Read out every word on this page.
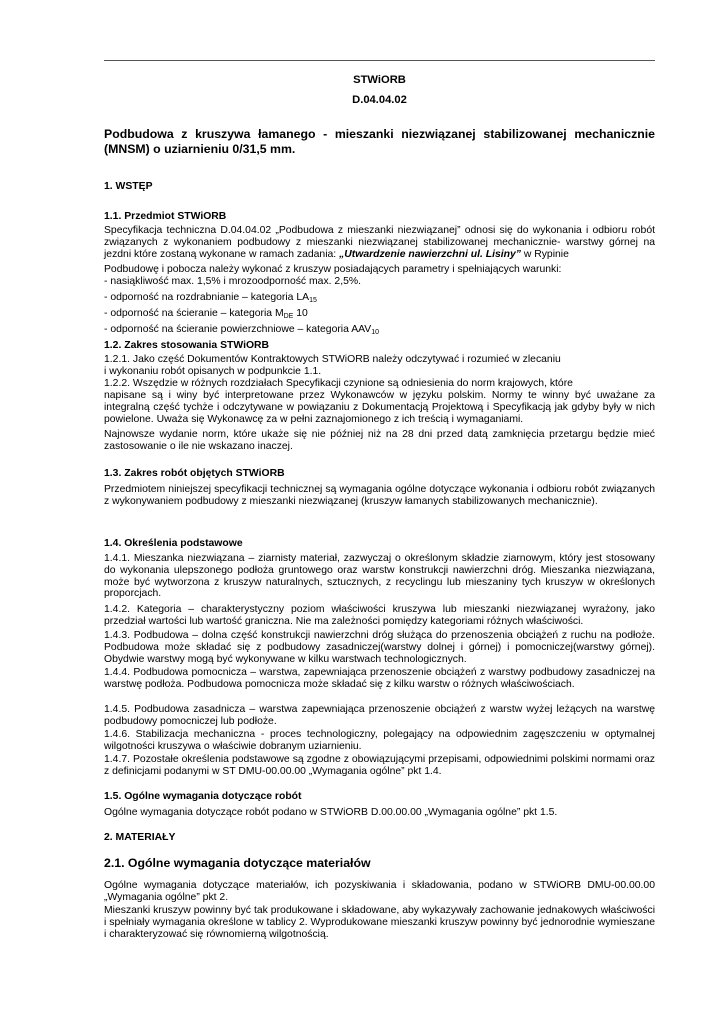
STWiORB
D.04.04.02
Podbudowa z kruszywa łamanego - mieszanki niezwiązanej stabilizowanej mechanicznie (MNSM) o uziarnieniu 0/31,5 mm.
1. WSTĘP
1.1. Przedmiot STWiORB
Specyfikacja techniczna D.04.04.02 „Podbudowa z mieszanki niezwiązanej” odnosi się do wykonania i odbioru robót związanych z wykonaniem podbudowy z mieszanki niezwiązanej stabilizowanej mechanicznie- warstwy górnej na jezdni które zostaną wykonane w ramach zadania: „Utwardzenie nawierzchni ul. Lisiny” w Rypinie
Podbudowę i pobocza należy wykonać z kruszyw posiadających parametry i spełniających warunki:
- nasiąkliwość max. 1,5% i mrozoodporność max. 2,5%.
- odporność na rozdrabnianie – kategoria $LA_{15}$
- odporność na ścieranie – kategoria $M_{DE}$ 10
- odporność na ścieranie powierzchniowe – kategoria $AAV_{10}$
1.2. Zakres stosowania STWiORB
1.2.1. Jako część Dokumentów Kontraktowych STWiORB należy odczytywać i rozumieć w zlecaniu
i wykonaniu robót opisanych w podpunkcie 1.1.
1.2.2. Wszędzie w różnych rozdziałach Specyfikacji czynione są odniesienia do norm krajowych, które
napisane są i winy być interpretowane przez Wykonawców w języku polskim. Normy te winny być uważane za integralną część tychże i odczytywane w powiązaniu z Dokumentacją Projektową i Specyfikacją jak gdyby były w nich powielone. Uważa się Wykonawcę za w pełni zaznajomionego z ich treścią i wymaganiami.
Najnowsze wydanie norm, które ukaże się nie później niż na 28 dni przed datą zamknięcia przetargu będzie mieć zastosowanie o ile nie wskazano inaczej.
1.3. Zakres robót objętych STWiORB
Przedmiotem niniejszej specyfikacji technicznej są wymagania ogólne dotyczące wykonania i odbioru robót związanych z wykonywaniem podbudowy z mieszanki niezwiązanej (kruszyw łamanych stabilizowanych mechanicznie).
1.4. Określenia podstawowe
1.4.1. Mieszanka niezwiązana – ziarnisty materiał, zazwyczaj o określonym składzie ziarnowym, który jest stosowany do wykonania ulepszonego podłoża gruntowego oraz warstw konstrukcji nawierzchni dróg. Mieszanka niezwiązana, może być wytworzona z kruszyw naturalnych, sztucznych, z recyclingu lub mieszaniny tych kruszyw w określonych proporcjach.
1.4.2. Kategoria – charakterystyczny poziom właściwości kruszywa lub mieszanki niezwiązanej wyrażony, jako przedział wartości lub wartość graniczna. Nie ma zależności pomiędzy kategoriami różnych właściwości.
1.4.3. Podbudowa – dolna część konstrukcji nawierzchni dróg służąca do przenoszenia obciążeń z ruchu na podłoże. Podbudowa może składać się z podbudowy zasadniczej(warstwy dolnej i górnej) i pomocniczej(warstwy górnej). Obydwie warstwy mogą być wykonywane w kilku warstwach technologicznych.
1.4.4. Podbudowa pomocnicza – warstwa, zapewniająca przenoszenie obciążeń z warstwy podbudowy zasadniczej na warstwę podłoża. Podbudowa pomocnicza może składać się z kilku warstw o różnych właściwościach.
1.4.5. Podbudowa zasadnicza – warstwa zapewniająca przenoszenie obciążeń z warstw wyżej leżących na warstwę podbudowy pomocniczej lub podłoże.
1.4.6. Stabilizacja mechaniczna - proces technologiczny, polegający na odpowiednim zagęszczeniu w optymalnej wilgotności kruszywa o właściwie dobranym uziarnieniu.
1.4.7. Pozostałe określenia podstawowe są zgodne z obowiązującymi przepisami, odpowiednimi polskimi normami oraz z definicjami podanymi w ST DMU-00.00.00 „Wymagania ogólne” pkt 1.4.
1.5. Ogólne wymagania dotyczące robót
Ogólne wymagania dotyczące robót podano w STWiORB D.00.00.00 „Wymagania ogólne” pkt 1.5.
2. MATERIAŁY
2.1. Ogólne wymagania dotyczące materiałów
Ogólne wymagania dotyczące materiałów, ich pozyskiwania i składowania, podano w STWiORB DMU-00.00.00 „Wymagania ogólne” pkt 2.
Mieszanki kruszyw powinny być tak produkowane i składowane, aby wykazywały zachowanie jednakowych właściwości i spełniały wymagania określone w tablicy 2. Wyprodukowane mieszanki kruszyw powinny być jednorodnie wymieszane i charakteryzować się równomierną wilgotnością.
